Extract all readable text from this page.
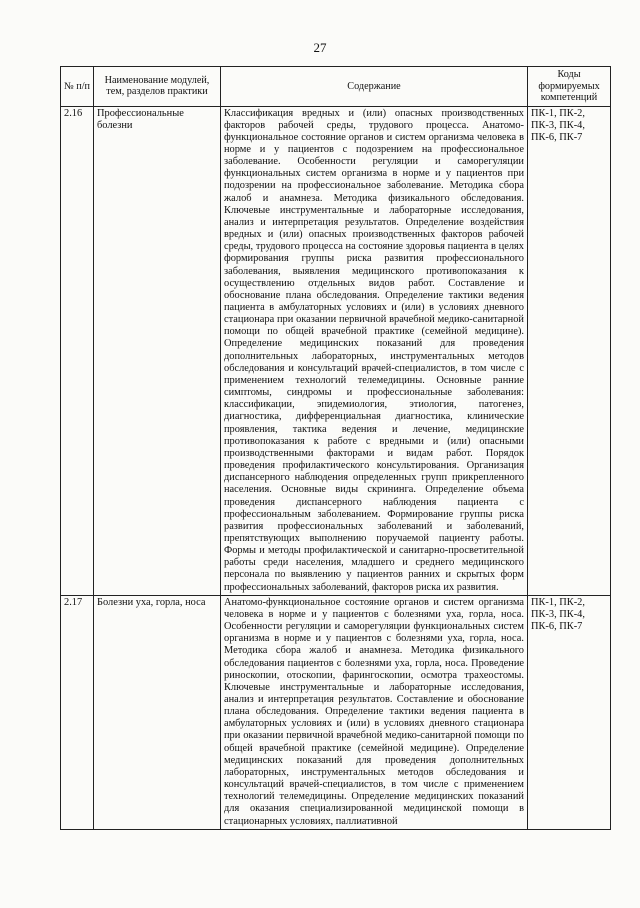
27
№ п/п	Наименование модулей, тем, разделов практики	Содержание	Коды формируемых компетенций
2.16	Профессиональные болезни	Классификация вредных и (или) опасных производственных факторов рабочей среды, трудового процесса. Анатомо-функциональное состояние органов и систем организма человека в норме и у пациентов с подозрением на профессиональное заболевание. Особенности регуляции и саморегуляции функциональных систем организма в норме и у пациентов при подозрении на профессиональное заболевание. Методика сбора жалоб и анамнеза. Методика физикального обследования. Ключевые инструментальные и лабораторные исследования, анализ и интерпретация результатов. Определение воздействия вредных и (или) опасных производственных факторов рабочей среды, трудового процесса на состояние здоровья пациента в целях формирования группы риска развития профессионального заболевания, выявления медицинского противопоказания к осуществлению отдельных видов работ. Составление и обоснование плана обследования. Определение тактики ведения пациента в амбулаторных условиях и (или) в условиях дневного стационара при оказании первичной врачебной медико-санитарной помощи по общей врачебной практике (семейной медицине). Определение медицинских показаний для проведения дополнительных лабораторных, инструментальных методов обследования и консультаций врачей-специалистов, в том числе с применением технологий телемедицины. Основные ранние симптомы, синдромы и профессиональные заболевания: классификации, эпидемиология, этиология, патогенез, диагностика, дифференциальная диагностика, клинические проявления, тактика ведения и лечение, медицинские противопоказания к работе с вредными и (или) опасными производственными факторами и видам работ. Порядок проведения профилактического консультирования. Организация диспансерного наблюдения определенных групп прикрепленного населения. Основные виды скрининга. Определение объема проведения диспансерного наблюдения пациента с профессиональным заболеванием. Формирование группы риска развития профессиональных заболеваний и заболеваний, препятствующих выполнению поручаемой пациенту работы. Формы и методы профилактической и санитарно-просветительной работы среди населения, младшего и среднего медицинского персонала по выявлению у пациентов ранних и скрытых форм профессиональных заболеваний, факторов риска их развития.	ПК-1, ПК-2, ПК-3, ПК-4, ПК-6, ПК-7
2.17	Болезни уха, горла, носа	Анатомо-функциональное состояние органов и систем организма человека в норме и у пациентов с болезнями уха, горла, носа. Особенности регуляции и саморегуляции функциональных систем организма в норме и у пациентов с болезнями уха, горла, носа. Методика сбора жалоб и анамнеза. Методика физикального обследования пациентов с болезнями уха, горла, носа. Проведение риноскопии, отоскопии, фарингоскопии, осмотра трахеостомы. Ключевые инструментальные и лабораторные исследования, анализ и интерпретация результатов. Составление и обоснование плана обследования. Определение тактики ведения пациента в амбулаторных условиях и (или) в условиях дневного стационара при оказании первичной врачебной медико-санитарной помощи по общей врачебной практике (семейной медицине). Определение медицинских показаний для проведения дополнительных лабораторных, инструментальных методов обследования и консультаций врачей-специалистов, в том числе с применением технологий телемедицины. Определение медицинских показаний для оказания специализированной медицинской помощи в стационарных условиях, паллиативной	ПК-1, ПК-2, ПК-3, ПК-4, ПК-6, ПК-7
